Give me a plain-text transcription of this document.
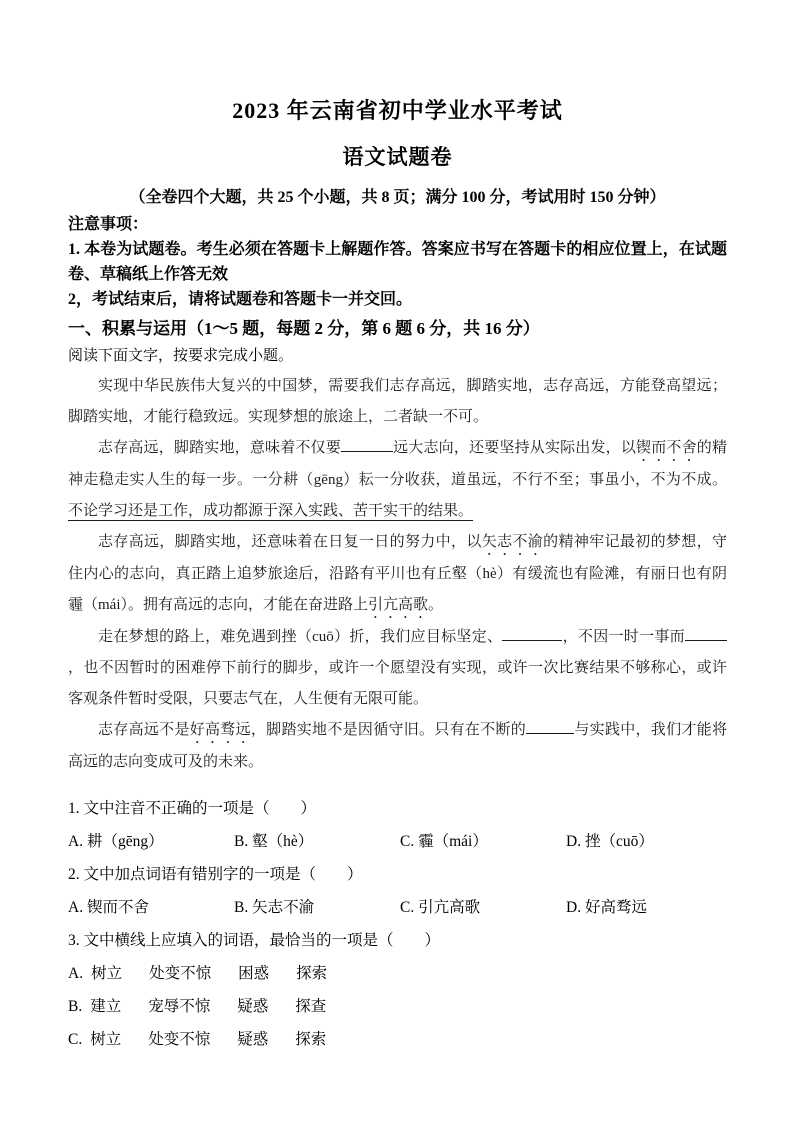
2023 年云南省初中学业水平考试
语文试题卷
（全卷四个大题，共 25 个小题，共 8 页；满分 100 分，考试用时 150 分钟）
注意事项：
1. 本卷为试题卷。考生必须在答题卡上解题作答。答案应书写在答题卡的相应位置上，在试题卷、草稿纸上作答无效
2，考试结束后，请将试题卷和答题卡一并交回。
一、积累与运用（1～5 题，每题 2 分，第 6 题 6 分，共 16 分）
阅读下面文字，按要求完成小题。

实现中华民族伟大复兴的中国梦，需要我们志存高远，脚踏实地，志存高远，方能登高望远；脚踏实地，才能行稳致远。实现梦想的旅途上，二者缺一不可。

志存高远，脚踏实地，意味着不仅要	远大志向，还要坚持从实际出发，以锲而不舍的精神走稳走实人生的每一步。一分耕（gēng）耘一分收获，道虽远，不行不至；事虽小，不为不成。不论学习还是工作，成功都源于深入实践、苦干实干的结果。

志存高远，脚踏实地，还意味着在日复一日的努力中，以矢志不渝的精神牢记最初的梦想，守住内心的志向，真正踏上追梦旅途后，沿路有平川也有丘壑（hè）有缓流也有险滩，有丽日也有阴霾（mái）。拥有高远的志向，才能在奋进路上引亢高歌。

走在梦想的路上，难免遇到挫（cuō）折，我们应目标坚定、	，不因一时一事而，也不因暂时的困难停下前行的脚步，或许一个愿望没有实现，或许一次比赛结果不够称心，或许客观条件暂时受限，只要志气在，人生便有无限可能。

志存高远不是好高骛远，脚踏实地不是因循守旧。只有在不断的	与实践中，我们才能将高远的志向变成可及的未来。

1. 文中注音不正确的一项是（　　）
A. 耕（gēng）	B. 壑（hè）	C. 霾（mái）	D. 挫（cuō）
2. 文中加点词语有错别字的一项是（　　）
A. 锲而不舍	B. 矢志不渝	C. 引亢高歌	D. 好高骛远
3. 文中横线上应填入的词语，最恰当的一项是（　　）
A. 树立 处变不惊 困惑 探索
B. 建立 宠辱不惊 疑惑 探查
C. 树立 处变不惊 疑惑 探索
